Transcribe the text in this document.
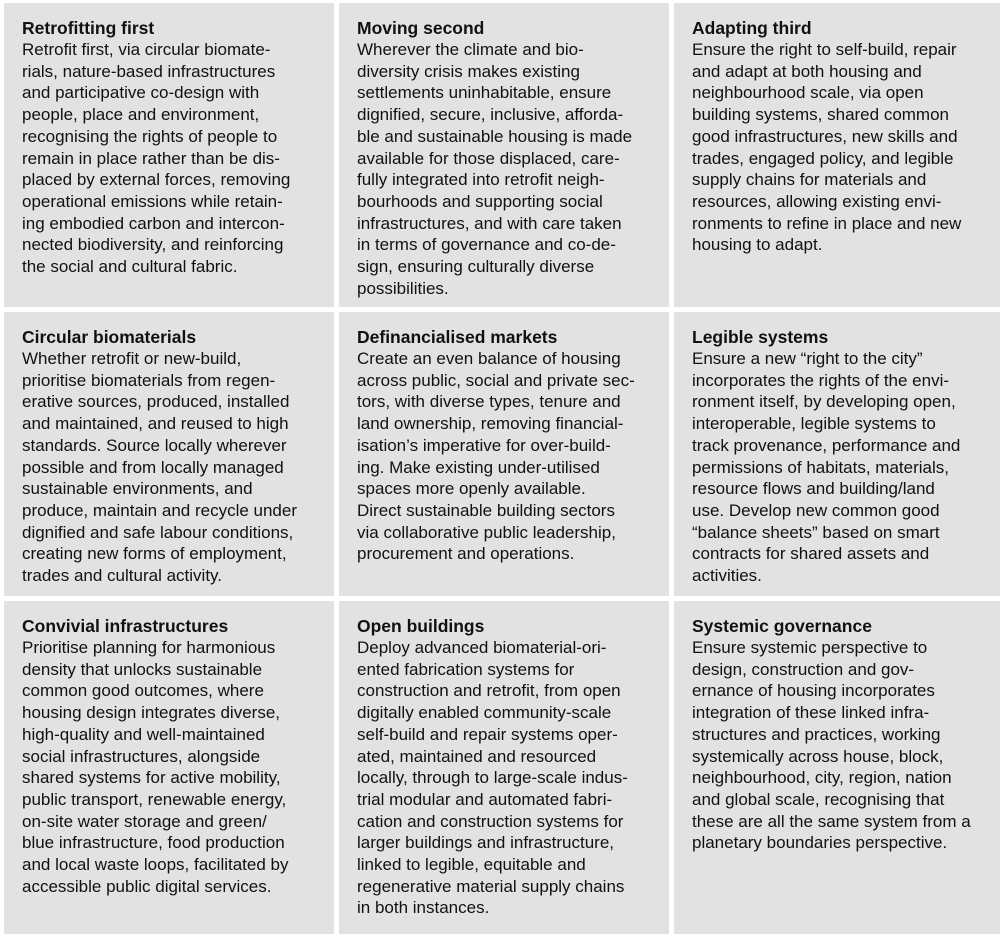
Retrofitting first

Retrofit first, via circular biomate-
rials, nature-based infrastructures
and participative co-design with
people, place and environment,
recognising the rights of people to
remain in place rather than be dis-
placed by external forces, removing
operational emissions while retain-
ing embodied carbon and intercon-
nected biodiversity, and reinforcing
the social and cultural fabric.

Moving second

Wherever the climate and bio-
diversity crisis makes existing
settlements uninhabitable, ensure
dignified, secure, inclusive, afforda-
ble and sustainable housing is made
available for those displaced, care-
fully integrated into retrofit neigh-
bourhoods and supporting social
infrastructures, and with care taken
in terms of governance and co-de-
sign, ensuring culturally diverse
possibilities.

Adapting third

Ensure the right to self-build, repair
and adapt at both housing and
neighbourhood scale, via open
building systems, shared common
good infrastructures, new skills and
trades, engaged policy, and legible
supply chains for materials and
resources, allowing existing envi-
ronments to refine in place and new
housing to adapt.

Circular biomaterials

Whether retrofit or new-build,
prioritise biomaterials from regen-
erative sources, produced, installed
and maintained, and reused to high
standards. Source locally wherever
possible and from locally managed
sustainable environments, and
produce, maintain and recycle under
dignified and safe labour conditions,
creating new forms of employment,
trades and cultural activity.

Definancialised markets

Create an even balance of housing
across public, social and private sec-
tors, with diverse types, tenure and
land ownership, removing financial-
isation’s imperative for over-build-
ing. Make existing under-utilised
spaces more openly available.
Direct sustainable building sectors
via collaborative public leadership,
procurement and operations.

Legible systems

Ensure a new “right to the city”
incorporates the rights of the envi-
ronment itself, by developing open,
interoperable, legible systems to
track provenance, performance and
permissions of habitats, materials,
resource flows and building/land
use. Develop new common good
“balance sheets” based on smart
contracts for shared assets and
activities.

Convivial infrastructures

Prioritise planning for harmonious
density that unlocks sustainable
common good outcomes, where
housing design integrates diverse,
high-quality and well-maintained
social infrastructures, alongside
shared systems for active mobility,
public transport, renewable energy,
on-site water storage and green/
blue infrastructure, food production
and local waste loops, facilitated by
accessible public digital services.

Open buildings

Deploy advanced biomaterial-ori-
ented fabrication systems for
construction and retrofit, from open
digitally enabled community-scale
self-build and repair systems oper-
ated, maintained and resourced
locally, through to large-scale indus-
trial modular and automated fabri-
cation and construction systems for
larger buildings and infrastructure,
linked to legible, equitable and
regenerative material supply chains
in both instances.

Systemic governance

Ensure systemic perspective to
design, construction and gov-
ernance of housing incorporates
integration of these linked infra-
structures and practices, working
systemically across house, block,
neighbourhood, city, region, nation
and global scale, recognising that
these are all the same system from a
planetary boundaries perspective.
